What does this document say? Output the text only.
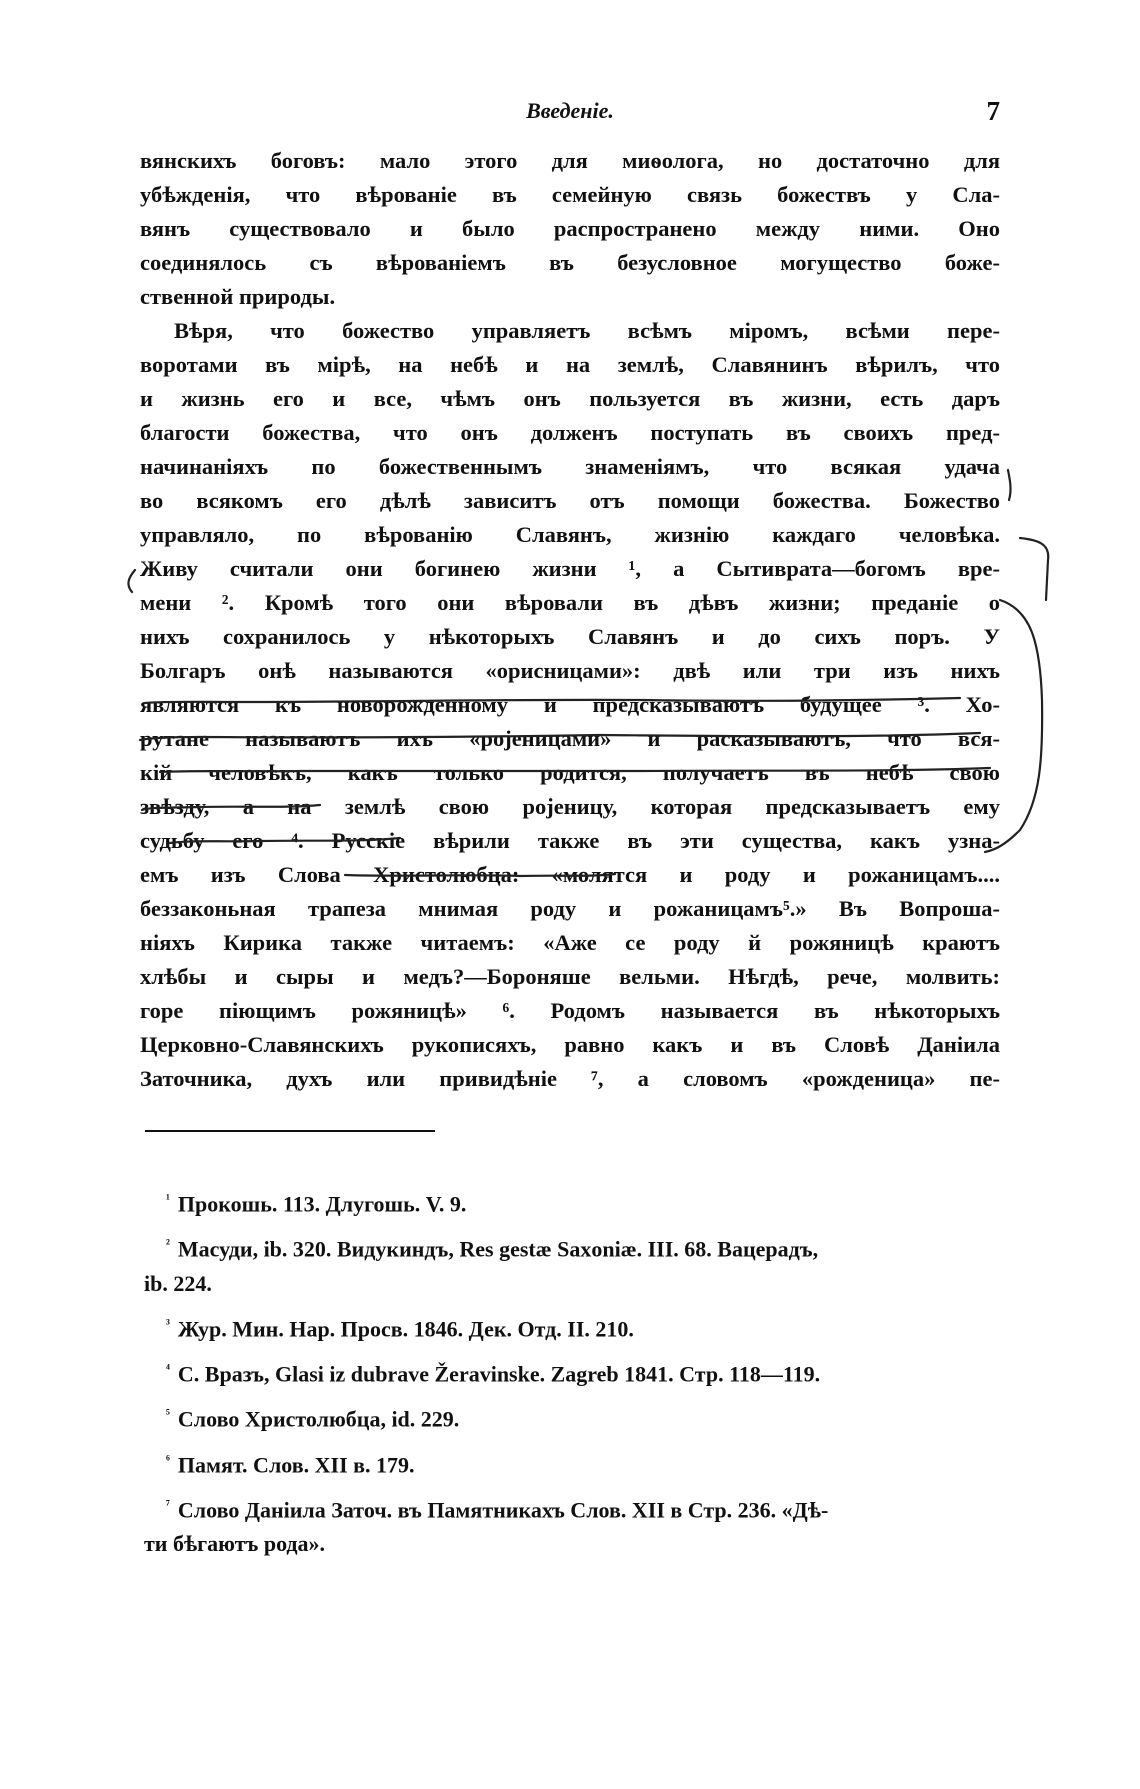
Введеніе.	7
вянскихъ боговъ: мало этого для миѳолога, но достаточно для
убѣжденія, что вѣрованіе въ семейную связь божествъ у Сла-
вянъ существовало и было распространено между ними. Оно
соединялось съ вѣрованіемъ въ безусловное могущество боже-
ственной природы.
Вѣря, что божество управляетъ всѣмъ міромъ, всѣми пере-
воротами въ мірѣ, на небѣ и на землѣ, Славянинъ вѣрилъ, что
и жизнь его и все, чѣмъ онъ пользуется въ жизни, есть даръ
благости божества, что онъ долженъ поступать въ своихъ пред-
начинаніяхъ по божественнымъ знаменіямъ, что всякая удача
во всякомъ его дѣлѣ зависитъ отъ помощи божества. Божество
управляло, по вѣрованію Славянъ, жизнію каждаго человѣка.
Живу считали они богинею жизни ¹, а Сытиврата—богомъ вре-
мени ². Кромѣ того они вѣровали въ дѣвъ жизни; преданіе о
нихъ сохранилось у нѣкоторыхъ Славянъ и до сихъ поръ. У
Болгаръ онѣ называются «орисницами»: двѣ или три изъ нихъ
являются къ новорожденному и предсказываютъ будущее ³. Хо-
рутане называютъ ихъ «рojeницами» и расказываютъ, что вся-
кій человѣкъ, какъ только родится, получаетъ въ небѣ свою
звѣзду, а на землѣ свою ројеницу, которая предсказываетъ ему
судьбу его ⁴. Русскіе вѣрили также въ эти существа, какъ узна-
емъ изъ Слова Христолюбца: «молятся и роду и рожаницамъ....
беззаконьная трапеза мнимая роду и рожаницамъ⁵.» Въ Вопроша-
ніяхъ Кирика также читаемъ: «Аже се роду й рожяницѣ краютъ
хлѣбы и сыры и медъ?—Бороняше вельми. Нѣгдѣ, рече, молвить:
горе піющимъ рожяницѣ» ⁶. Родомъ называется въ нѣкоторыхъ
Церковно-Славянскихъ рукописяхъ, равно какъ и въ Словѣ Даніила
Заточника, духъ или привидѣніе ⁷, а словомъ «рожденица» пе-
$^{^1}$ Прокошь. 113. Длугошь. V. 9.
$^{^2}$ Масуди, ib. 320. Видукиндъ, Res gestæ Saxoniæ. III. 68. Вацерадъ,
ib. 224.
$^{^3}$ Жур. Мин. Нар. Просв. 1846. Дек. Отд. II. 210.
$^{^4}$ С. Вразъ, Glasi iz dubrave Žeravinske. Zagreb 1841. Стр. 118—119.
$^{^5}$ Слово Христолюбца, id. 229.
$^{^6}$ Памят. Слов. XII в. 179.
$^{^7}$ Слово Даніила Заточ. въ Памятникахъ Слов. XII в Стр. 236. «Дѣ-
ти бѣгаютъ рода».
